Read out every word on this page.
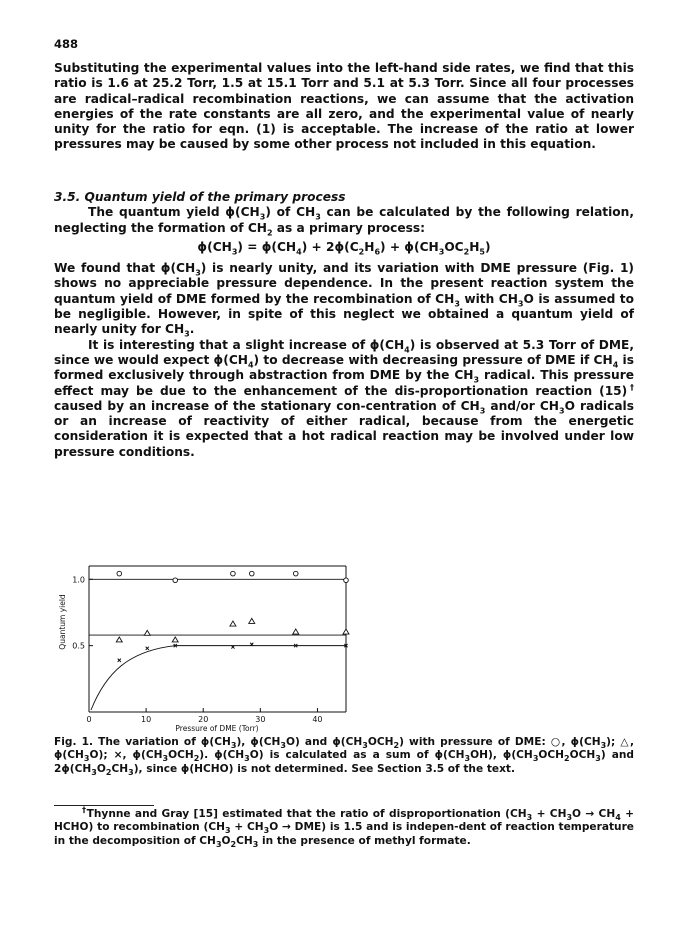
488
Substituting the experimental values into the left-hand side rates, we find that this ratio is 1.6 at 25.2 Torr, 1.5 at 15.1 Torr and 5.1 at 5.3 Torr. Since all four processes are radical–radical recombination reactions, we can assume that the activation energies of the rate constants are all zero, and the experimental value of nearly unity for the ratio for eqn. (1) is acceptable. The increase of the ratio at lower pressures may be caused by some other process not included in this equation.
3.5. Quantum yield of the primary process
The quantum yield $\phi(CH_3)$ of $CH_3$ can be calculated by the following relation, neglecting the formation of $CH_2$ as a primary process:
$\phi(CH_3) = \phi(CH_4) + 2\phi(C_2H_6) + \phi(CH_3OC_2H_5)$
We found that $\phi(CH_3)$ is nearly unity, and its variation with DME pressure (Fig. 1) shows no appreciable pressure dependence. In the present reaction system the quantum yield of DME formed by the recombination of $CH_3$ with $CH_3O$ is assumed to be negligible. However, in spite of this neglect we obtained a quantum yield of nearly unity for $CH_3$.
It is interesting that a slight increase of $\phi(CH_4)$ is observed at 5.3 Torr of DME, since we would expect $\phi(CH_4)$ to decrease with decreasing pressure of DME if $CH_4$ is formed exclusively through abstraction from DME by the $CH_3$ radical. This pressure effect may be due to the enhancement of the dis-proportionation reaction (15)† caused by an increase of the stationary con-centration of $CH_3$ and/or $CH_3O$ radicals or an increase of reactivity of either radical, because from the energetic consideration it is expected that a hot radical reaction may be involved under low pressure conditions.
0	10	20	30	40
0.5
1.0
Pressure of DME (Torr)
Quantum yield
Fig. 1. The variation of $\phi(CH_3)$, $\phi(CH_3O)$ and $\phi(CH_3OCH_2)$ with pressure of DME: ○, $\phi(CH_3)$; △, $\phi(CH_3O)$; ×, $\phi(CH_3OCH_2)$. $\phi(CH_3O)$ is calculated as a sum of $\phi(CH_3OH)$, $\phi(CH_3OCH_2OCH_3)$ and $2\phi(CH_3O_2CH_3)$, since ϕ(HCHO) is not determined. See Section 3.5 of the text.
†Thynne and Gray [15] estimated that the ratio of disproportionation ($CH_3 + CH_3O \to CH_4$ + HCHO) to recombination $(CH_3 + CH_3O \to DME)$ is 1.5 and is indepen-dent of reaction temperature in the decomposition of $CH_3O_2CH_3$ in the presence of methyl formate.
